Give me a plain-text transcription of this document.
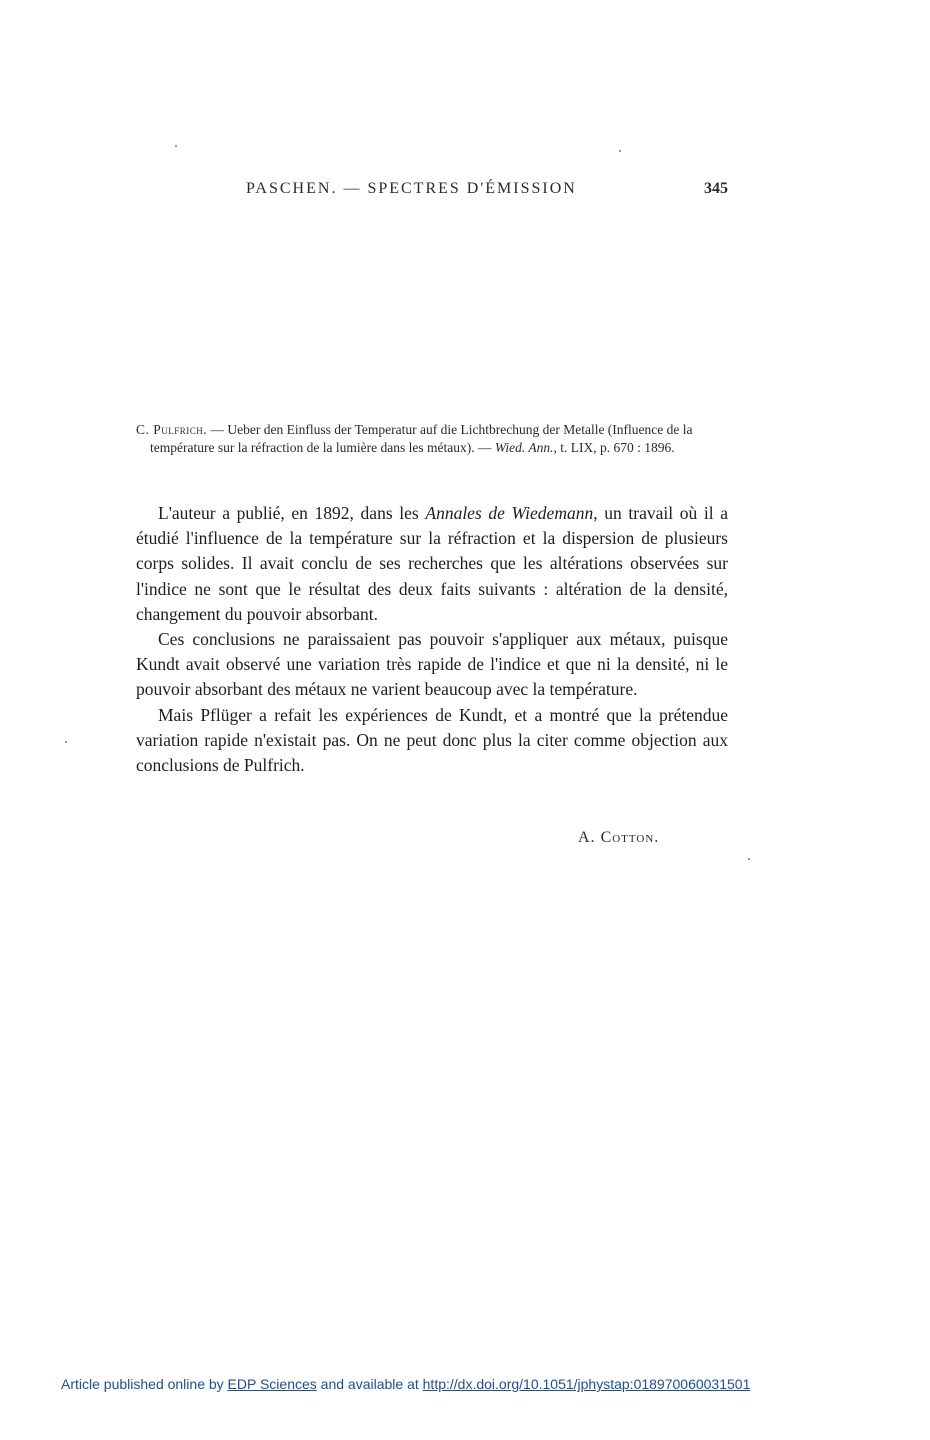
PASCHEN. — SPECTRES D'ÉMISSION	345
C. Pulfrich. — Ueber den Einfluss der Temperatur auf die Lichtbrechung der Metalle (Influence de la température sur la réfraction de la lumière dans les métaux). — Wied. Ann., t. LIX, p. 670 : 1896.

L'auteur a publié, en 1892, dans les Annales de Wiedemann, un travail où il a étudié l'influence de la température sur la réfraction et la dispersion de plusieurs corps solides. Il avait conclu de ses recherches que les altérations observées sur l'indice ne sont que le résultat des deux faits suivants : altération de la densité, changement du pouvoir absorbant.

Ces conclusions ne paraissaient pas pouvoir s'appliquer aux métaux, puisque Kundt avait observé une variation très rapide de l'indice et que ni la densité, ni le pouvoir absorbant des métaux ne varient beaucoup avec la température.

Mais Pflüger a refait les expériences de Kundt, et a montré que la prétendue variation rapide n'existait pas. On ne peut donc plus la citer comme objection aux conclusions de Pulfrich.

A. Cotton.
Article published online by EDP Sciences and available at http://dx.doi.org/10.1051/jphystap:018970060031501
